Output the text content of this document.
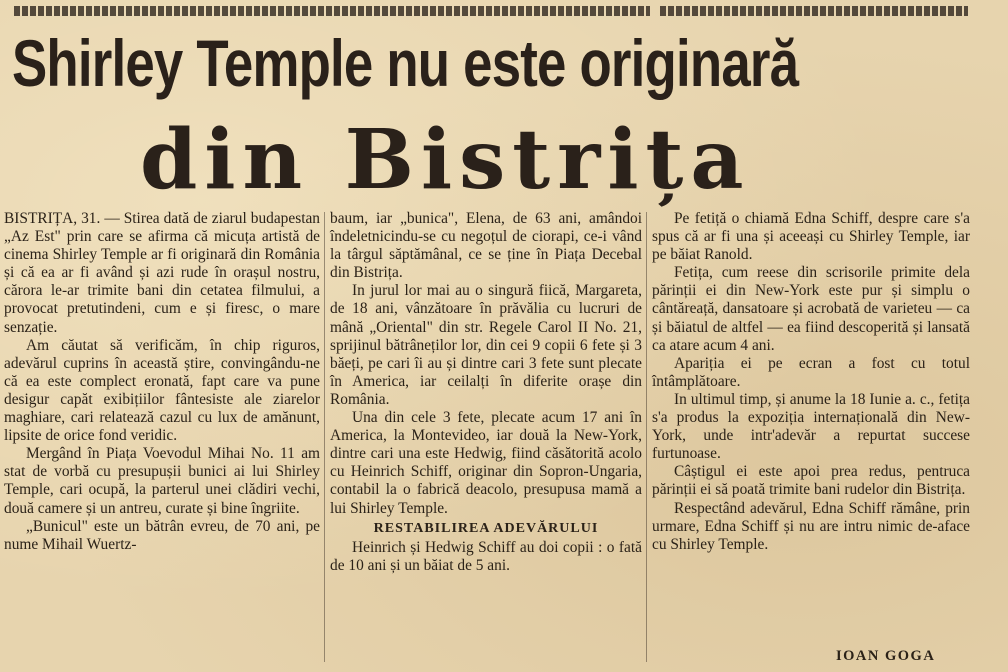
Shirley Temple nu este originară
din Bistrița

BISTRIȚA, 31. — Stirea dată de ziarul budapestan „Az Est" prin care se afirma că micuța artistă de cinema Shirley Temple ar fi originară din România și că ea ar fi având și azi rude în orașul nostru, cărora le-ar trimite bani din cetatea filmului, a provocat pretutindeni, cum e și firesc, o mare senzație.

Am căutat să verificăm, în chip riguros, adevărul cuprins în această știre, convingându-ne că ea este complect eronată, fapt care va pune desigur capăt exibițiilor fântesiste ale ziarelor maghiare, cari relatează cazul cu lux de amănunt, lipsite de orice fond veridic.

Mergând în Piața Voevodul Mihai No. 11 am stat de vorbă cu presupușii bunici ai lui Shirley Temple, cari ocupă, la parterul unei clădiri vechi, două camere și un antreu, curate și bine îngriite.

„Bunicul" este un bătrân evreu, de 70 ani, pe nume Mihail Wuertz-

baum, iar „bunica", Elena, de 63 ani, amândoi îndeletnicindu-se cu negoțul de ciorapi, ce-i vând la târgul săptămânal, ce se ține în Piața Decebal din Bistrița.

In jurul lor mai au o singură fiică, Margareta, de 18 ani, vânzătoare în prăvălia cu lucruri de mână „Oriental" din str. Regele Carol II No. 21, sprijinul bătrâneților lor, din cei 9 copii 6 fete și 3 băeți, pe cari îi au și dintre cari 3 fete sunt plecate în America, iar ceilalți în diferite orașe din România.

Una din cele 3 fete, plecate acum 17 ani în America, la Montevideo, iar două la New-York, dintre cari una este Hedwig, fiind căsătorită acolo cu Heinrich Schiff, originar din Sopron-Ungaria, contabil la o fabrică deacolo, presupusa mamă a lui Shirley Temple.

RESTABILIREA ADEVĂRULUI

Heinrich și Hedwig Schiff au doi copii : o fată de 10 ani și un băiat de 5 ani.

Pe fetiță o chiamă Edna Schiff, despre care s'a spus că ar fi una și aceeași cu Shirley Temple, iar pe băiat Ranold.

Fetița, cum reese din scrisorile primite dela părinții ei din New-York este pur și simplu o cântăreață, dansatoare și acrobată de varieteu — ca și băiatul de altfel — ea fiind descoperită și lansată ca atare acum 4 ani.

Apariția ei pe ecran a fost cu totul întâmplătoare.

In ultimul timp, și anume la 18 Iunie a. c., fetița s'a produs la expoziția internațională din New-York, unde intr'adevăr a repurtat succese furtunoase.

Câștigul ei este apoi prea redus, pentruca părinții ei să poată trimite bani rudelor din Bistrița.

Respectând adevărul, Edna Schiff rămâne, prin urmare, Edna Schiff și nu are intru nimic de-aface cu Shirley Temple.

IOAN GOGA
